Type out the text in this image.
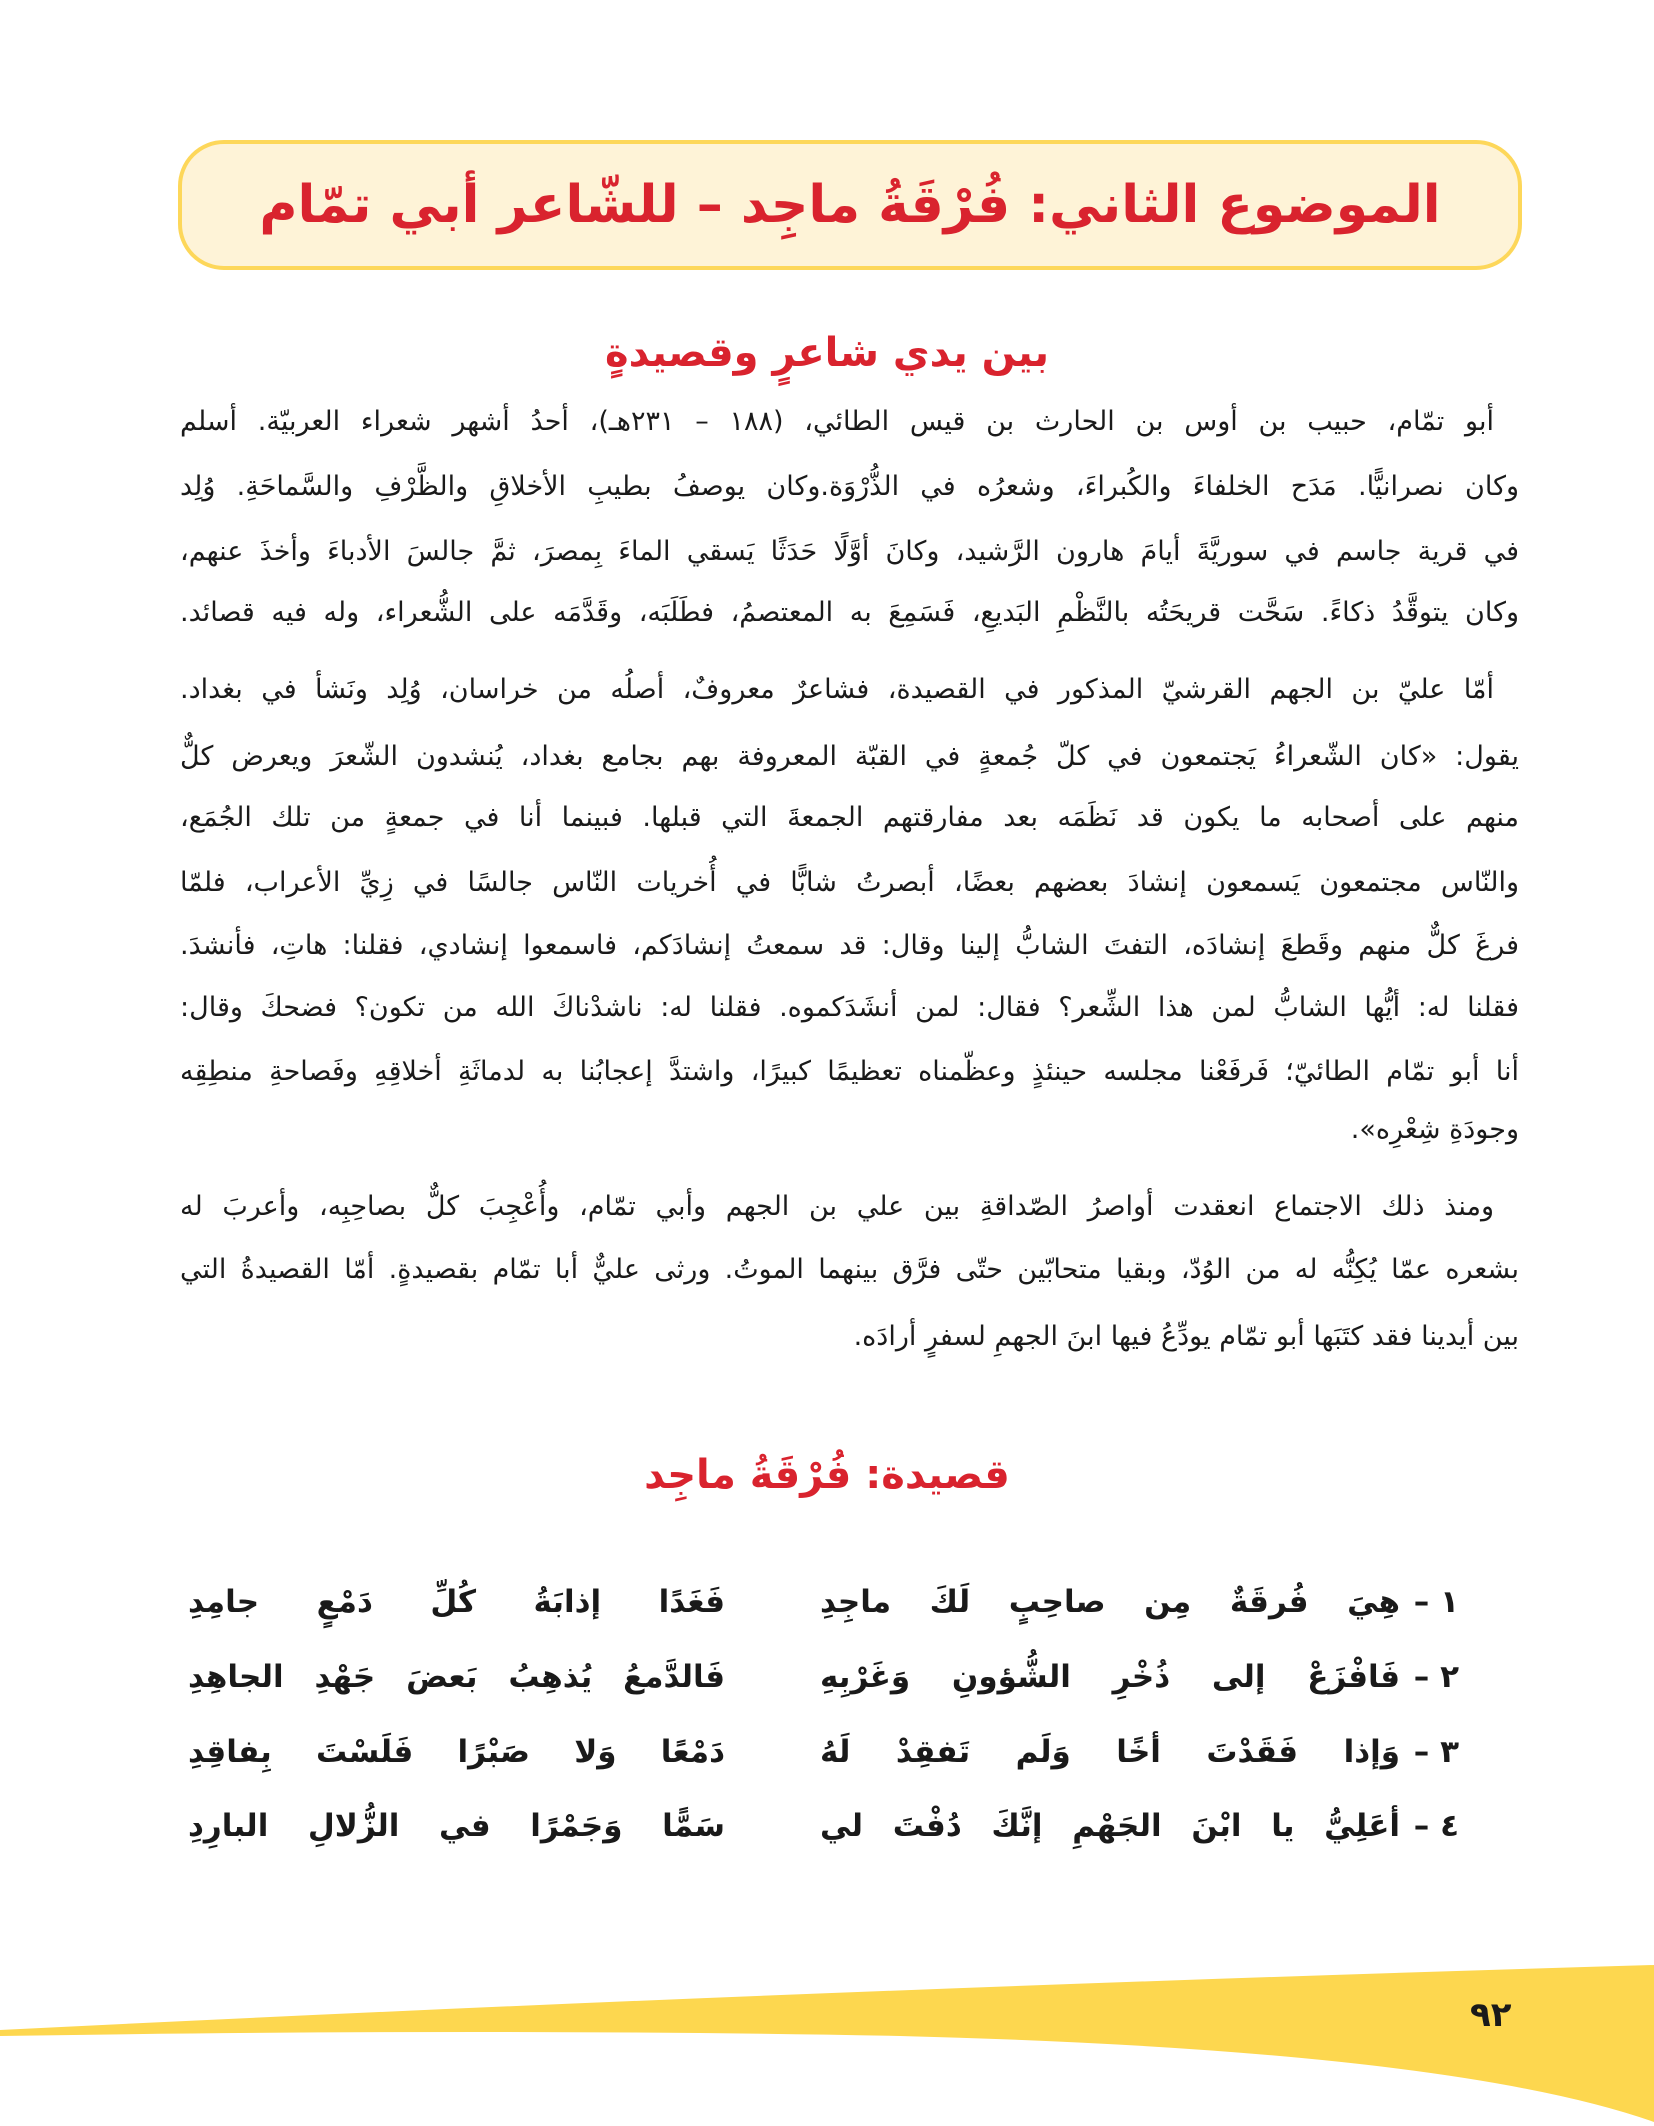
الموضوع الثاني: فُرْقَةُ ماجِد – للشّاعر أبي تمّام
بين يدي شاعرٍ وقصيدةٍ
أبو تمّام، حبيب بن أوس بن الحارث بن قيس الطائي، (١٨٨ – ٢٣١هـ)، أحدُ أشهر شعراء العربيّة. أسلم
وكان نصرانيًّا. مَدَح الخلفاءَ والكُبراءَ، وشعرُه في الذُّرْوَة.وكان يوصفُ بطيبِ الأخلاقِ والظَّرْفِ والسَّماحَةِ. وُلِد
في قرية جاسم في سوريَّةَ أيامَ هارون الرَّشيد، وكانَ أوَّلًا حَدَثًا يَسقي الماءَ بِمصرَ، ثمَّ جالسَ الأدباءَ وأخذَ عنهم،
وكان يتوقَّدُ ذكاءً. سَحَّت قريحَتُه بالنَّظْمِ البَديعِ، فَسَمِعَ به المعتصمُ، فطَلَبَه، وقَدَّمَه على الشُّعراء، وله فيه قصائد.
أمّا عليّ بن الجهم القرشيّ المذكور في القصيدة، فشاعرٌ معروفٌ، أصلُه من خراسان، وُلِد ونَشأ في بغداد.
يقول: «كان الشّعراءُ يَجتمعون في كلّ جُمعةٍ في القبّة المعروفة بهم بجامع بغداد، يُنشدون الشّعرَ ويعرض كلٌّ
منهم على أصحابه ما يكون قد نَظَمَه بعد مفارقتهم الجمعةَ التي قبلها. فبينما أنا في جمعةٍ من تلك الجُمَع،
والنّاس مجتمعون يَسمعون إنشادَ بعضهم بعضًا، أبصرتُ شابًّا في أُخريات النّاس جالسًا في زِيِّ الأعراب، فلمّا
فرغَ كلٌّ منهم وقَطعَ إنشادَه، التفتَ الشابُّ إلينا وقال: قد سمعتُ إنشادَكم، فاسمعوا إنشادي، فقلنا: هاتِ، فأنشدَ.
فقلنا له: أيُّها الشابُّ لمن هذا الشِّعر؟ فقال: لمن أنشَدَكموه. فقلنا له: ناشدْناكَ الله من تكون؟ فضحكَ وقال:
أنا أبو تمّام الطائيّ؛ فَرفَعْنا مجلسه حينئذٍ وعظّمناه تعظيمًا كبيرًا، واشتدَّ إعجابُنا به لدماثَةِ أخلاقِهِ وفَصاحةِ منطِقِه
وجودَةِ شِعْرِه».
ومنذ ذلك الاجتماع انعقدت أواصرُ الصّداقةِ بين علي بن الجهم وأبي تمّام، وأُعْجِبَ كلٌّ بصاحِبِه، وأعربَ له
بشعره عمّا يُكِنُّه له من الوُدّ، وبقيا متحابّين حتّى فرَّق بينهما الموتُ. ورثى عليٌّ أبا تمّام بقصيدةٍ. أمّا القصيدةُ التي
بين أيدينا فقد كتَبَها أبو تمّام يودِّعُ فيها ابنَ الجهمِ لسفرٍ أرادَه.
قصيدة: فُرْقَةُ ماجِد
١ –
هِيَ فُرقَةٌ مِن صاحِبٍ لَكَ ماجِدِ
فَغَدًا إذابَةُ كُلِّ دَمْعٍ جامِدِ
٢ –
فَافْزَعْ إلى ذُخْرِ الشُّؤونِ وَغَرْبِهِ
فَالدَّمعُ يُذهِبُ بَعضَ جَهْدِ الجاهِدِ
٣ –
وَإذا فَقَدْتَ أخًا وَلَم تَفقِدْ لَهُ
دَمْعًا وَلا صَبْرًا فَلَسْتَ بِفاقِدِ
٤ –
أعَلِيُّ يا ابْنَ الجَهْمِ إنَّكَ دُفْتَ لي
سَمًّا وَجَمْرًا في الزُّلالِ البارِدِ
٩٢
